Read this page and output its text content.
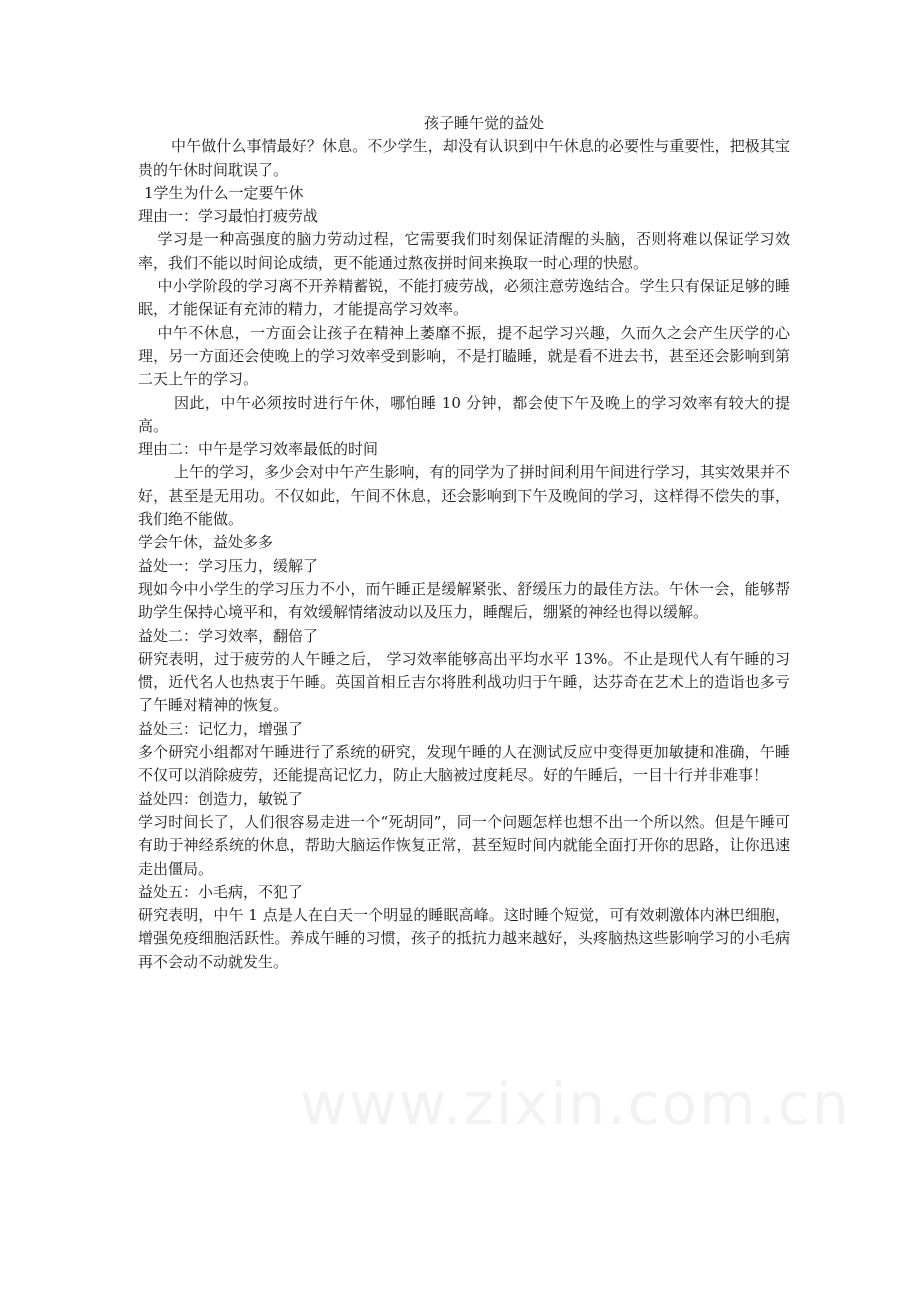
孩子睡午觉的益处

中午做什么事情最好？休息。不少学生，却没有认识到中午休息的必要性与重要性，把极其宝贵的午休时间耽误了。

1学生为什么一定要午休

理由一：学习最怕打疲劳战

学习是一种高强度的脑力劳动过程，它需要我们时刻保证清醒的头脑，否则将难以保证学习效率，我们不能以时间论成绩，更不能通过熬夜拼时间来换取一时心理的快慰。

中小学阶段的学习离不开养精蓄锐，不能打疲劳战，必须注意劳逸结合。学生只有保证足够的睡眠，才能保证有充沛的精力，才能提高学习效率。

中午不休息，一方面会让孩子在精神上萎靡不振，提不起学习兴趣，久而久之会产生厌学的心理，另一方面还会使晚上的学习效率受到影响，不是打瞌睡，就是看不进去书，甚至还会影响到第二天上午的学习。

因此，中午必须按时进行午休，哪怕睡 10 分钟，都会使下午及晚上的学习效率有较大的提高。

理由二：中午是学习效率最低的时间

上午的学习，多少会对中午产生影响，有的同学为了拼时间利用午间进行学习，其实效果并不好，甚至是无用功。不仅如此，午间不休息，还会影响到下午及晚间的学习，这样得不偿失的事，我们绝不能做。

学会午休，益处多多

益处一：学习压力，缓解了

现如今中小学生的学习压力不小，而午睡正是缓解紧张、舒缓压力的最佳方法。午休一会，能够帮助学生保持心境平和，有效缓解情绪波动以及压力，睡醒后，绷紧的神经也得以缓解。

益处二：学习效率，翻倍了

研究表明，过于疲劳的人午睡之后， 学习效率能够高出平均水平 13%。不止是现代人有午睡的习惯，近代名人也热衷于午睡。英国首相丘吉尔将胜利战功归于午睡，达芬奇在艺术上的造诣也多亏了午睡对精神的恢复。

益处三：记忆力，增强了

多个研究小组都对午睡进行了系统的研究，发现午睡的人在测试反应中变得更加敏捷和准确，午睡不仅可以消除疲劳，还能提高记忆力，防止大脑被过度耗尽。好的午睡后，一目十行并非难事！

益处四：创造力，敏锐了

学习时间长了，人们很容易走进一个“死胡同”，同一个问题怎样也想不出一个所以然。但是午睡可有助于神经系统的休息，帮助大脑运作恢复正常，甚至短时间内就能全面打开你的思路，让你迅速走出僵局。

益处五：小毛病，不犯了

研究表明，中午 1 点是人在白天一个明显的睡眠高峰。这时睡个短觉，可有效刺激体内淋巴细胞，增强免疫细胞活跃性。养成午睡的习惯，孩子的抵抗力越来越好，头疼脑热这些影响学习的小毛病再不会动不动就发生。

www.zixin.com.cn
